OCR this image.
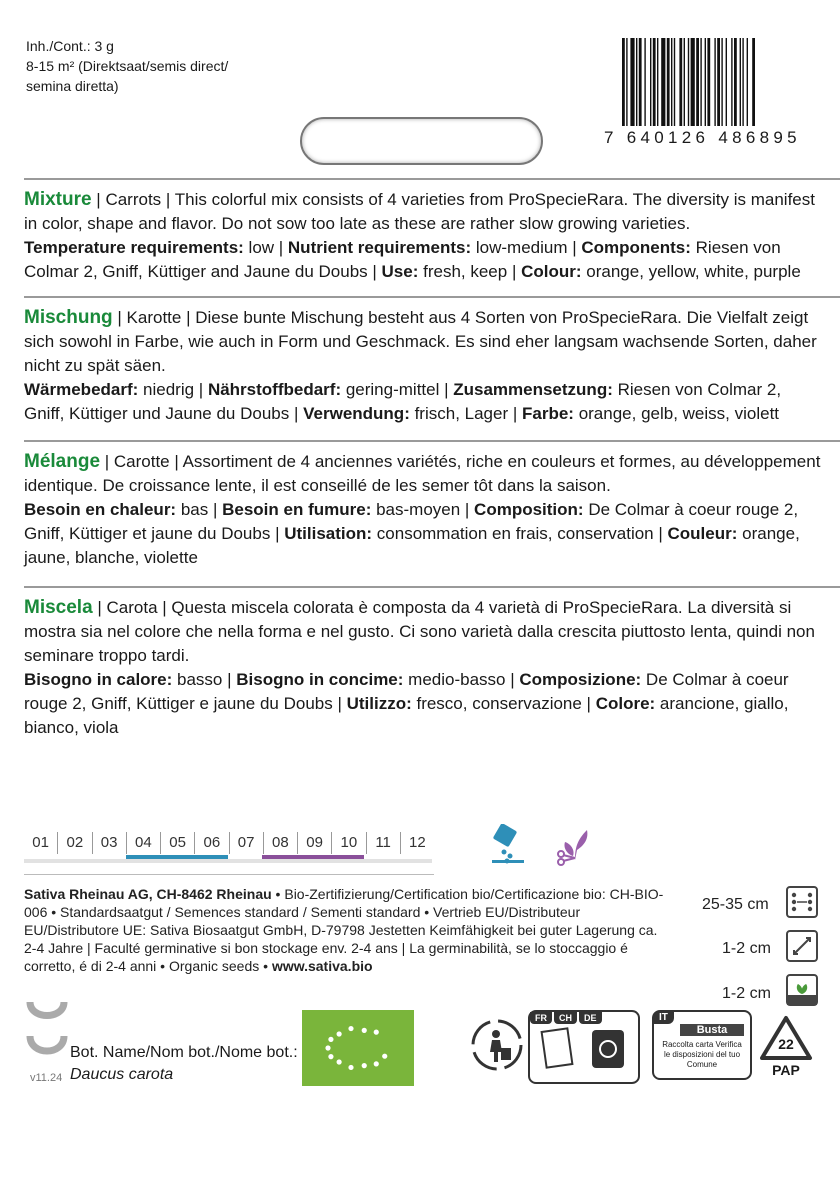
Inh./Cont.: 3 g
8-15 m² (Direktsaat/semis direct/
semina diretta)
7 640126 486895

Mixture | Carrots | This colorful mix consists of 4 varieties from ProSpecieRara. The diversity is manifest in color, shape and flavor. Do not sow too late as these are rather slow growing varieties.

Temperature requirements: low | Nutrient requirements: low-medium | Components: Riesen von Colmar 2, Gniff, Küttiger and Jaune du Doubs | Use: fresh, keep | Colour: orange, yellow, white, purple

Mischung | Karotte | Diese bunte Mischung besteht aus 4 Sorten von ProSpecieRara. Die Vielfalt zeigt sich sowohl in Farbe, wie auch in Form und Geschmack. Es sind eher langsam wachsende Sorten, daher nicht zu spät säen.

Wärmebedarf: niedrig | Nährstoffbedarf: gering-mittel | Zusammensetzung: Riesen von Colmar 2, Gniff, Küttiger und Jaune du Doubs | Verwendung: frisch, Lager | Farbe: orange, gelb, weiss, violett

Mélange | Carotte | Assortiment de 4 anciennes variétés, riche en couleurs et formes, au développement identique. De croissance lente, il est conseillé de les semer tôt dans la saison.

Besoin en chaleur: bas | Besoin en fumure: bas-moyen | Composition: De Colmar à coeur rouge 2, Gniff, Küttiger et jaune du Doubs | Utilisation: consommation en frais, conservation | Couleur: orange, jaune, blanche, violette

Miscela | Carota | Questa miscela colorata è composta da 4 varietà di ProSpecieRara. La diversità si mostra sia nel colore che nella forma e nel gusto. Ci sono varietà dalla crescita piuttosto lenta, quindi non seminare troppo tardi.

Bisogno in calore: basso | Bisogno in concime: medio-basso | Composizione: De Colmar à coeur rouge 2, Gniff, Küttiger e jaune du Doubs | Utilizzo: fresco, conservazione | Colore: arancione, giallo, bianco, viola

01	02	03	04	05	06	07	08	09	10	11	12
Sativa Rheinau AG, CH-8462 Rheinau • Bio-Zertifizierung/Certification bio/Certificazione bio: CH-BIO-006 • Standardsaatgut / Semences standard / Sementi standard • Vertrieb EU/Distributeur EU/Distributore UE: Sativa Biosaatgut GmbH, D-79798 Jestetten Keimfähigkeit bei guter Lagerung ca. 2-4 Jahre | Faculté germinative si bon stockage env. 2-4 ans | La germinabilità, se lo stoccaggio é corretto, é di 2-4 anni • Organic seeds • www.sativa.bio
25-35 cm
1-2 cm
1-2 cm
Bot. Name/Nom bot./Nome bot.:
Daucus carota
v11.24
FR	CH	DE	IT
Busta
Raccolta carta Verifica le disposizioni del tuo Comune
22
PAP
